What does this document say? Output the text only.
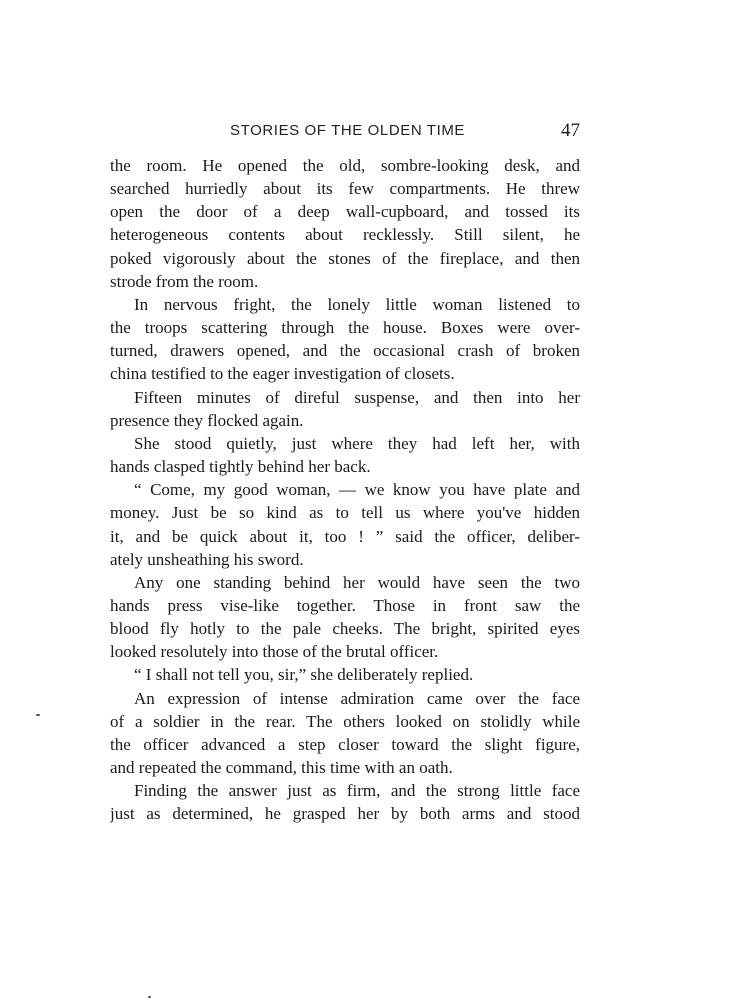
STORIES OF THE OLDEN TIME	47
the room. He opened the old, sombre-looking desk, and
searched hurriedly about its few compartments. He threw
open the door of a deep wall-cupboard, and tossed its
heterogeneous contents about recklessly. Still silent, he
poked vigorously about the stones of the fireplace, and then
strode from the room.
In nervous fright, the lonely little woman listened to
the troops scattering through the house. Boxes were over-
turned, drawers opened, and the occasional crash of broken
china testified to the eager investigation of closets.
Fifteen minutes of direful suspense, and then into her
presence they flocked again.
She stood quietly, just where they had left her, with
hands clasped tightly behind her back.
“ Come, my good woman, — we know you have plate and
money. Just be so kind as to tell us where you've hidden
it, and be quick about it, too ! ” said the officer, deliber-
ately unsheathing his sword.
Any one standing behind her would have seen the two
hands press vise-like together. Those in front saw the
blood fly hotly to the pale cheeks. The bright, spirited eyes
looked resolutely into those of the brutal officer.
“ I shall not tell you, sir,” she deliberately replied.
An expression of intense admiration came over the face
of a soldier in the rear. The others looked on stolidly while
the officer advanced a step closer toward the slight figure,
and repeated the command, this time with an oath.
Finding the answer just as firm, and the strong little face
just as determined, he grasped her by both arms and stood
